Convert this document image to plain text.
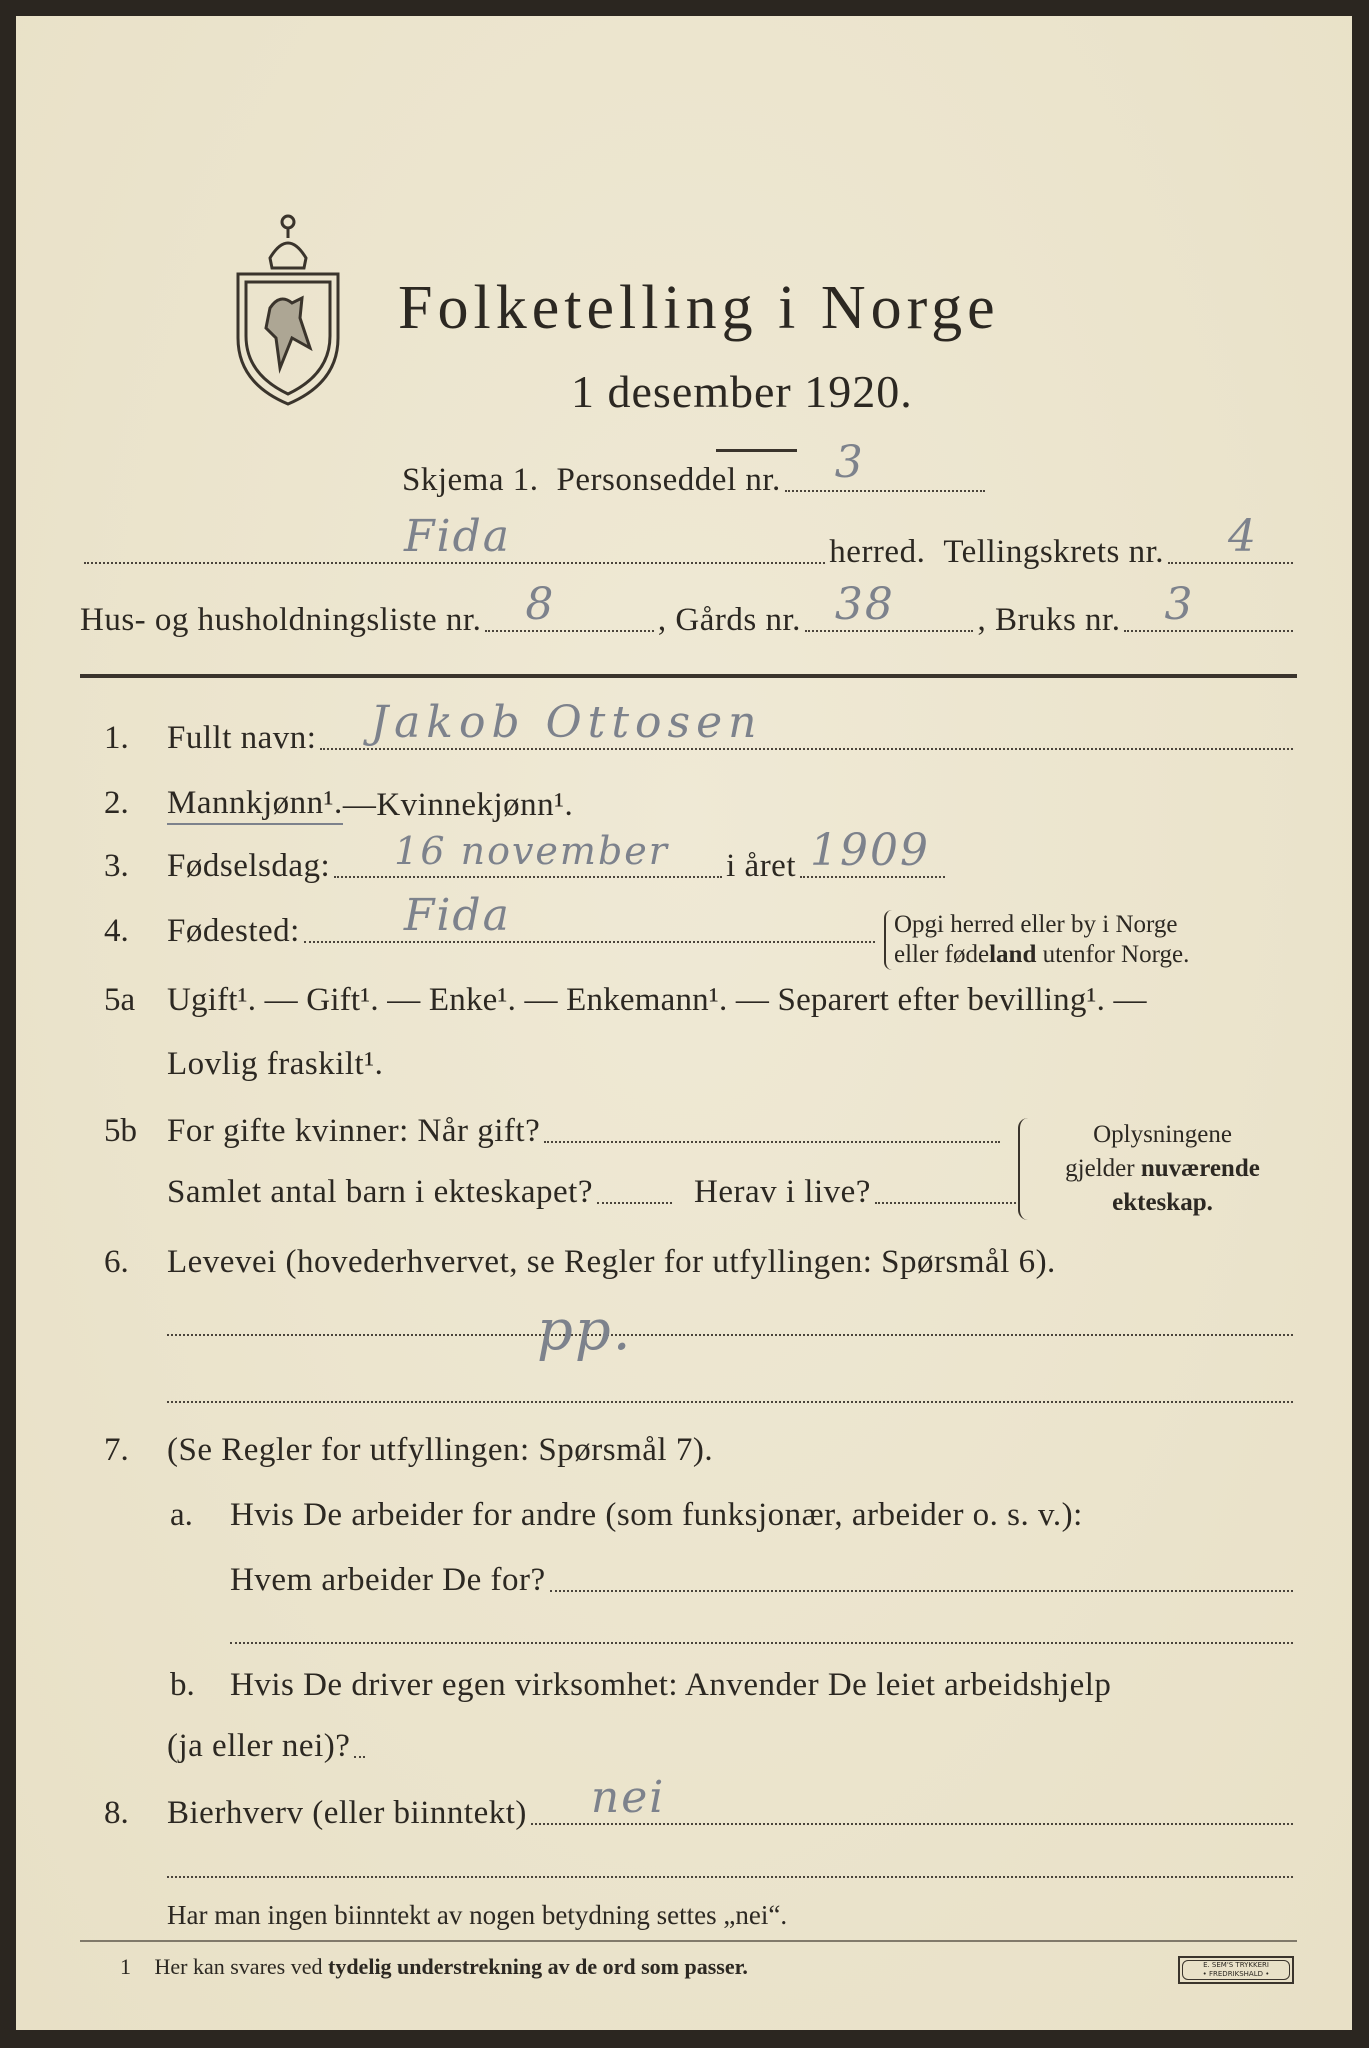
Folketelling i Norge
1 desember 1920.
Skjema 1. Personseddel nr. 3
Fida	herred. Tellingskrets nr. 4
Hus- og husholdningsliste nr. 8	, Gårds nr. 38	, Bruks nr. 3
1. Fullt navn: Jakob Ottosen
2. Mannkjønn¹. — Kvinnekjønn¹.
3. Fødselsdag: 16 november i året 1909
4. Fødested: Fida	Opgi herred eller by i Norge
eller fødeland utenfor Norge.
5a Ugift¹. — Gift¹. — Enke¹. — Enkemann¹. — Separert efter bevilling¹. —
Lovlig fraskilt¹.
5b For gifte kvinner: Når gift?
Samlet antal barn i ekteskapet?	Herav i live?
Oplysningene
gjelder nuværende
ekteskap.
6. Levevei (hovederhvervet, se Regler for utfyllingen: Spørsmål 6).
pp.
7. (Se Regler for utfyllingen: Spørsmål 7).
a. Hvis De arbeider for andre (som funksjonær, arbeider o. s. v.):
Hvem arbeider De for?
b. Hvis De driver egen virksomhet: Anvender De leiet arbeidshjelp
(ja eller nei)?
8. Bierhverv (eller biinntekt) nei
Har man ingen biinntekt av nogen betydning settes „nei“.
1 Her kan svares ved tydelig understrekning av de ord som passer.	E. SEM'S TRYKKERI
• FREDRIKSHALD •
